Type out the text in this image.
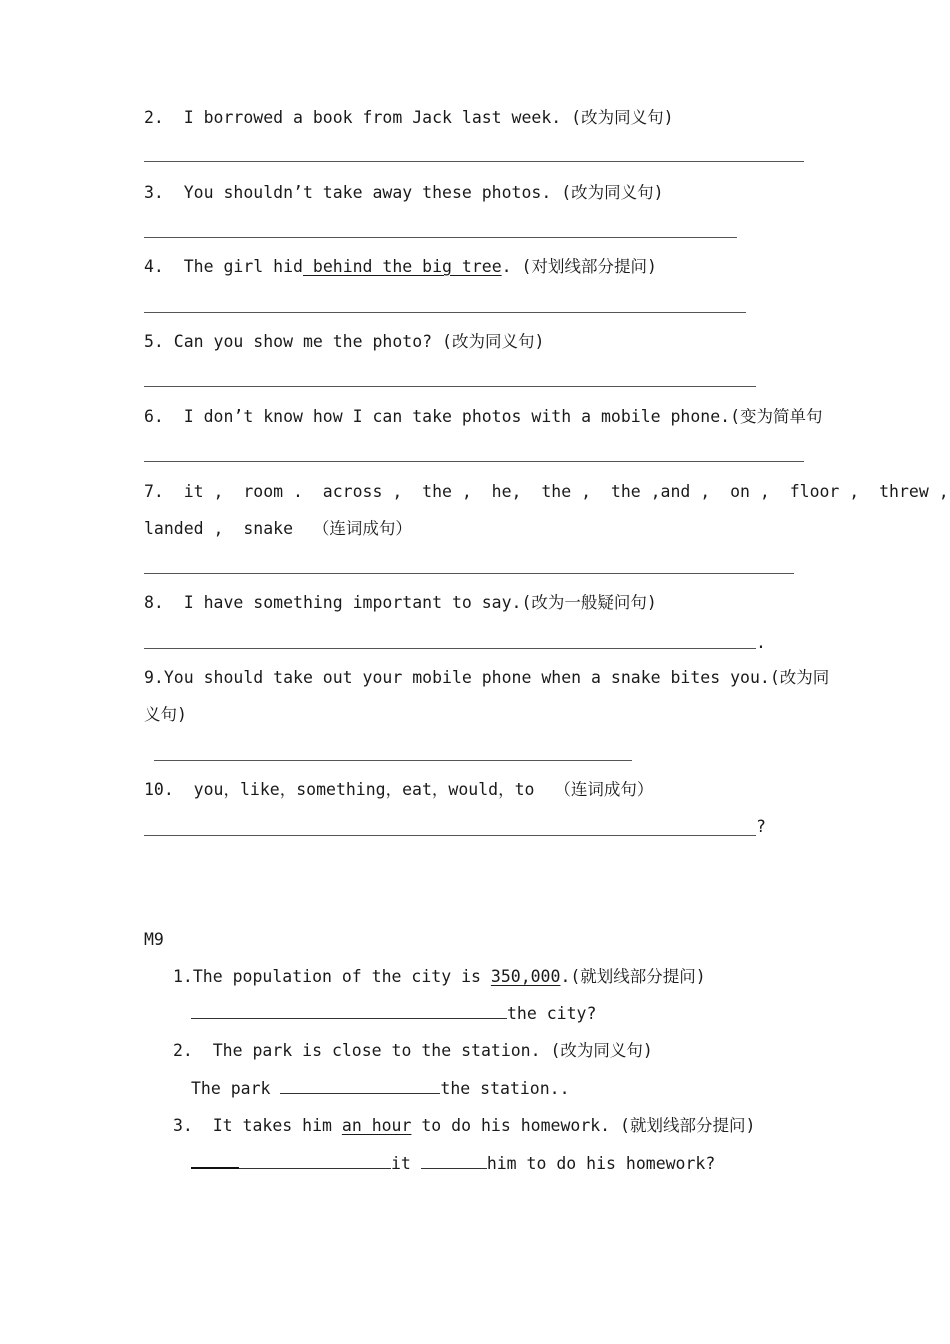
2.  I borrowed a book from Jack last week. (改为同义句)
3.  You shouldn’t take away these photos. (改为同义句)
4.  The girl hid behind the big tree. (对划线部分提问)
5. Can you show me the photo? (改为同义句)
6.  I don’t know how I can take photos with a mobile phone.(变为简单句
7.  it ,  room .  across ,  the ,  he,  the ,  the ,and ,  on ,  floor ,  threw ,
landed ,  snake  （连词成句）
8.  I have something important to say.(改为一般疑问句)
.
9.You should take out your mobile phone when a snake bites you.(改为同
义句)
10.  you，like，something，eat，would，to  （连词成句）
?
M9
1.The population of the city is 350,000.(就划线部分提问)
the city?
2.  The park is close to the station. (改为同义句)
The park	the station..
3.  It takes him an hour to do his homework. (就划线部分提问)
it	him to do his homework?
